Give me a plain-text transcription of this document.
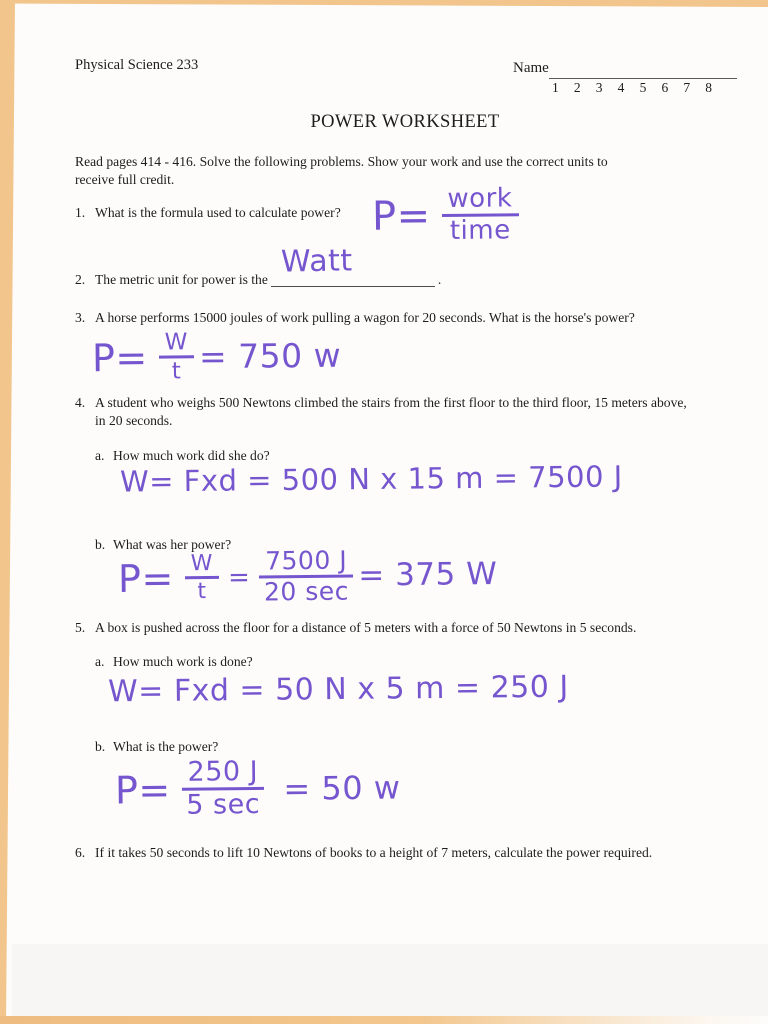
Physical Science 233	Name
1 2 3 4 5 6 7 8
POWER WORKSHEET
Read pages 414 - 416. Solve the following problems. Show your work and use the correct units to
receive full credit.
1. What is the formula used to calculate power? $P= \frac{\text{work}}{\text{time}}$
2. The metric unit for power is the Watt	.
3. A horse performs 15000 joules of work pulling a wagon for 20 seconds. What is the horse's power?
$P= \frac{W}{t} = 750$ w
4. A student who weighs 500 Newtons climbed the stairs from the first floor to the third floor, 15 meters above,
in 20 seconds.
a. How much work did she do?
W= Fxd = 500 N x 15 m = 7500 J
b. What was her power?
$P= \frac{W}{t} = \frac{7500 J}{20 \sec} = 375$ W
5. A box is pushed across the floor for a distance of 5 meters with a force of 50 Newtons in 5 seconds.
a. How much work is done?
W= Fxd = 50 N x 5 m = 250 J
b. What is the power?
$P= \frac{250 J}{5 \sec} = 50$ w
6. If it takes 50 seconds to lift 10 Newtons of books to a height of 7 meters, calculate the power required.
